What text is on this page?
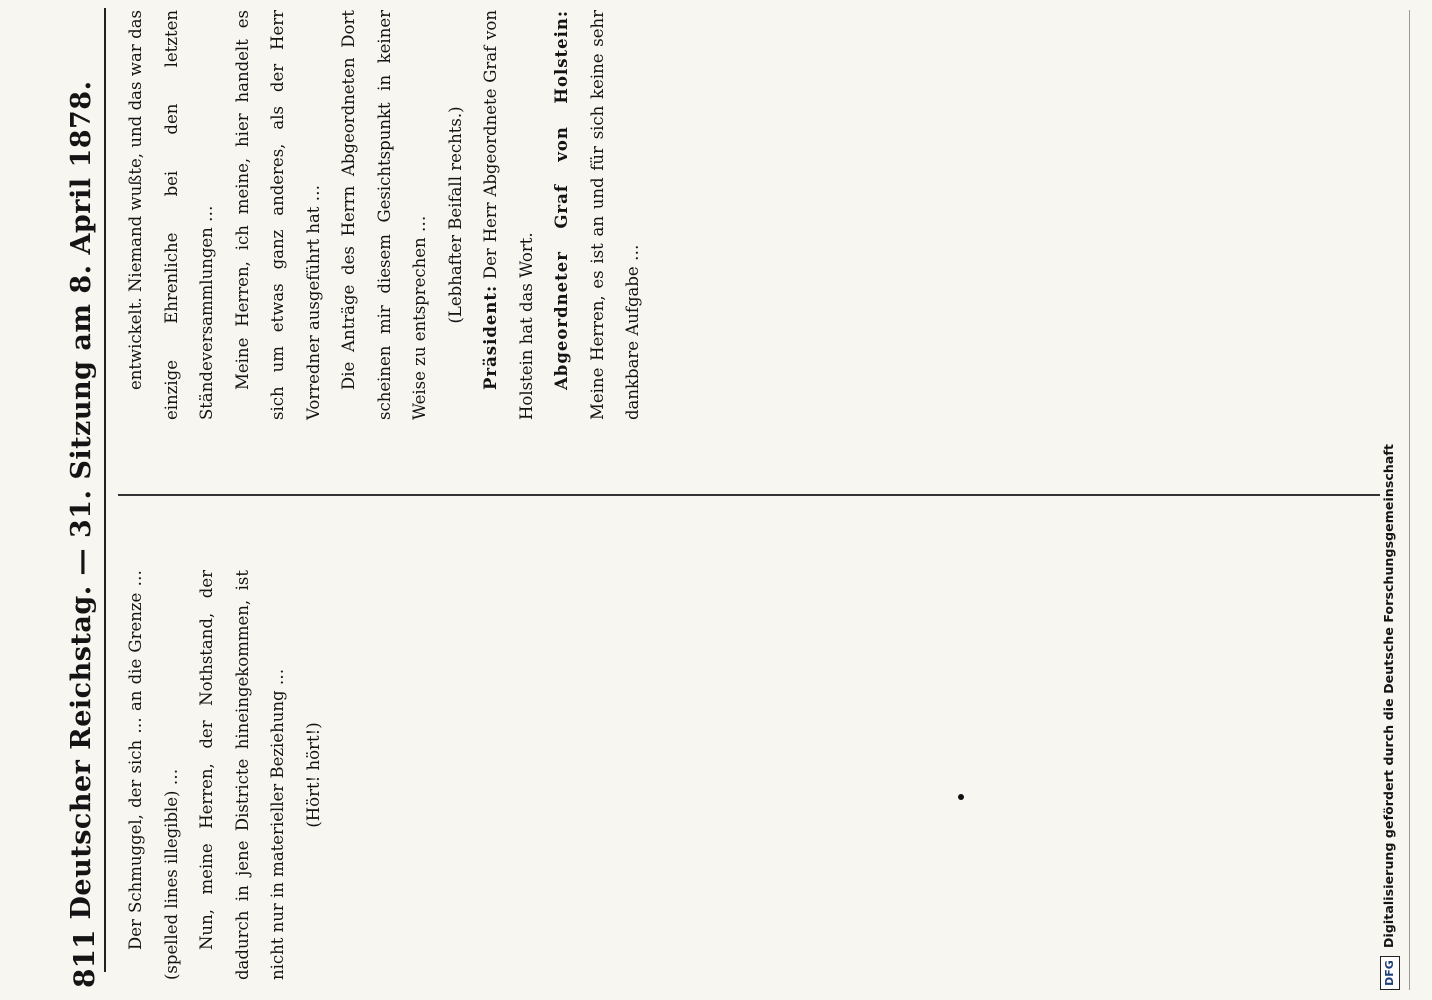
811
Deutscher Reichstag. — 31. Sitzung am 8. April 1878.	Der Schmuggel, der sich … an die Grenze … (spelled lines illegible) …	Nun, meine Herren, der Nothstand, der dadurch in jene Districte hineingekommen, ist nicht nur in materieller Beziehung …	(Hört! hört!)

entwickelt. Niemand wußte, und das war das einzige Ehrenliche bei den letzten Ständeversammlungen …	Meine Herren, ich meine, hier handelt es sich um etwas ganz anderes, als der Herr Vorredner ausgeführt hat …	Die Anträge des Herrn Abgeordneten Dort scheinen mir diesem Gesichtspunkt in keiner Weise zu entsprechen …	(Lebhafter Beifall rechts.)

Präsident: Der Herr Abgeordnete Graf von Holstein hat das Wort.	Abgeordneter Graf von Holstein: Meine Herren, es ist an und für sich keine sehr dankbare Aufgabe …

DFG
Digitalisierung gefördert durch die Deutsche Forschungsgemeinschaft
